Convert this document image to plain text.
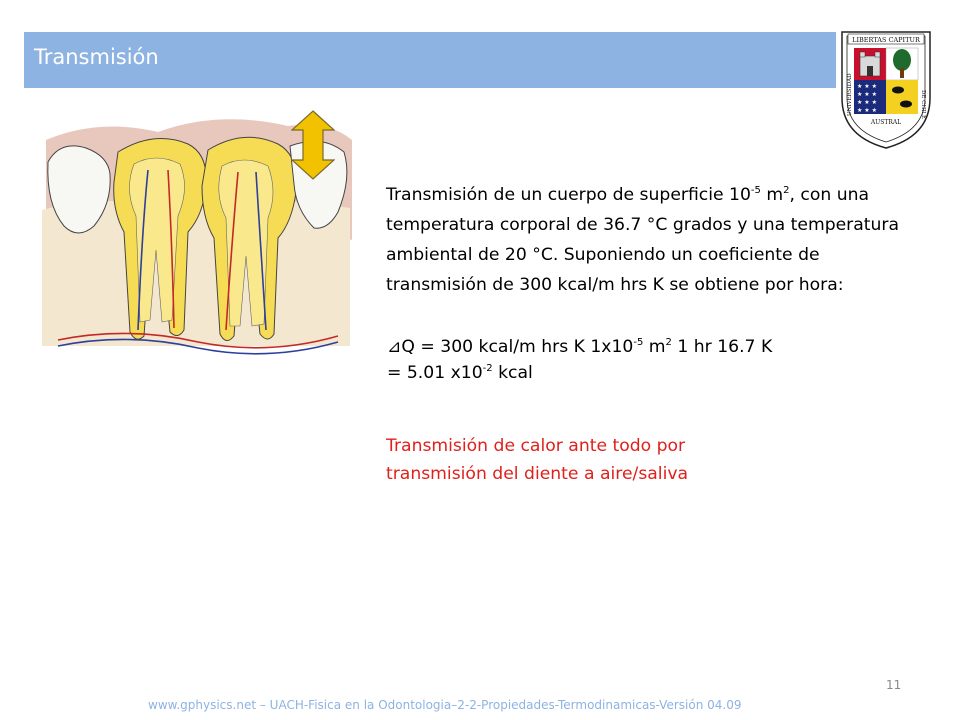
Transmisión
LIBERTAS CAPITUR
★ ★ ★
★ ★ ★
★ ★ ★
★ ★ ★
UNIVERSIDAD
AUSTRAL
DE CHILE

Transmisión de un cuerpo de superficie $10^{-5}$ $m^2$, con una temperatura corporal de 36.7 °C grados y una temperatura ambiental de 20 °C. Suponiendo un coeficiente de transmisión de 300 kcal/m hrs K se obtiene por hora:

⊿Q = 300 kcal/m hrs K $1x10^{-5}$ $m^2$ 1 hr 16.7 K

= 5.01 $x10^{-2}$ kcal

Transmisión de calor ante todo por
transmisión del diente a aire/saliva
11
www.gphysics.net – UACH-Fisica en la Odontologia–2-2-Propiedades-Termodinamicas-Versión 04.09
